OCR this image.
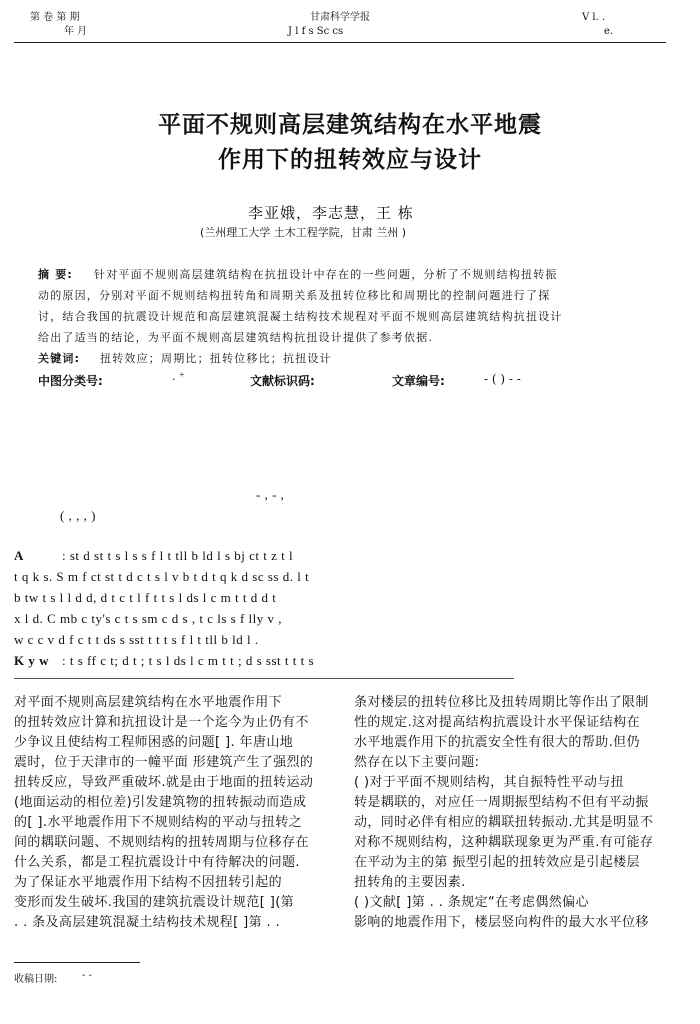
第 卷 第 期
年 月
甘肃科学学报
J l f s Sc cs
V l. .
e.
平面不规则高层建筑结构在水平地震
作用下的扭转效应与设计
李亚娥，李志慧，王 栋
(兰州理工大学 土木工程学院，甘肃 兰州 )
摘 要: 针对平面不规则高层建筑结构在抗扭设计中存在的一些问题，分析了不规则结构扭转振
动的原因，分别对平面不规则结构扭转角和周期关系及扭转位移比和周期比的控制问题进行了探
讨，结合我国的抗震设计规范和高层建筑混凝土结构技术规程对平面不规则高层建筑结构抗扭设计
给出了适当的结论，为平面不规则高层建筑结构抗扭设计提供了参考依据.
关键词: 扭转效应；周期比；扭转位移比；抗扭设计
中图分类号:	. ⁺	文献标识码:	文章编号:	- ( ) - -
- , - ,
( , , , )
A	: st d st t s l s s f l t tll b ld l s bj ct t z t l
t q k s. S m f ct st t d c t s l v b t d t q k d sc ss d. l t
b tw t s l l d d, d t c t l f t t s l ds l c m t t d d t
x l d. C mb c ty's c t s sm c d s , t c ls s f lly v ,
w c c v d f c t t ds s sst t t t s f l t tll b ld l .
K y w : t s ff c t; d t ; t s l ds l c m t t ; d s sst t t t s

对平面不规则高层建筑结构在水平地震作用下

的扭转效应计算和抗扭设计是一个迄今为止仍有不

少争议且使结构工程师困惑的问题[ ]. 年唐山地

震时，位于天津市的一幢平面 形建筑产生了强烈的

扭转反应，导致严重破坏.就是由于地面的扭转运动

(地面运动的相位差)引发建筑物的扭转振动而造成

的[ ].水平地震作用下不规则结构的平动与扭转之

间的耦联问题、不规则结构的扭转周期与位移存在

什么关系，都是工程抗震设计中有待解决的问题.

为了保证水平地震作用下结构不因扭转引起的

变形而发生破坏.我国的建筑抗震设计规范[ ](第

. . 条及高层建筑混凝土结构技术规程[ ]第 . .

条对楼层的扭转位移比及扭转周期比等作出了限制

性的规定.这对提高结构抗震设计水平保证结构在

水平地震作用下的抗震安全性有很大的帮助.但仍

然存在以下主要问题:

( )对于平面不规则结构，其自振特性平动与扭

转是耦联的，对应任一周期振型结构不但有平动振

动，同时必伴有相应的耦联扭转振动.尤其是明显不

对称不规则结构，这种耦联现象更为严重.有可能存

在平动为主的第 振型引起的扭转效应是引起楼层

扭转角的主要因素.

( )文献[ ]第 . . 条规定“在考虑偶然偏心

影响的地震作用下，楼层竖向构件的最大水平位移

收稿日期: - -
